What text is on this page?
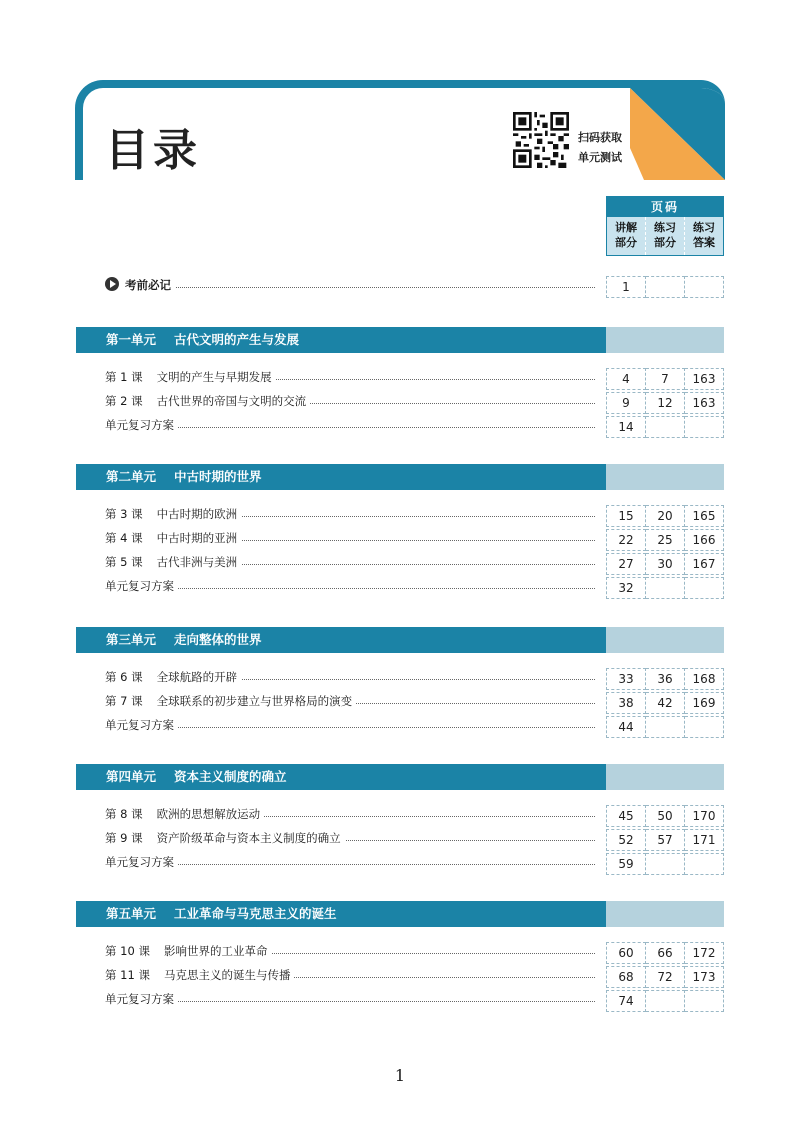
目录	扫码获取
单元测试
页码
讲解
部分
练习
部分
练习
答案
考前必记	1
第一单元 古代文明的产生与发展
第 1 课 文明的产生与早期发展	4	7	163
第 2 课 古代世界的帝国与文明的交流	9	12	163
单元复习方案	14
第二单元 中古时期的世界
第 3 课 中古时期的欧洲	15	20	165
第 4 课 中古时期的亚洲	22	25	166
第 5 课 古代非洲与美洲	27	30	167
单元复习方案	32
第三单元 走向整体的世界
第 6 课 全球航路的开辟	33	36	168
第 7 课 全球联系的初步建立与世界格局的演变	38	42	169
单元复习方案	44
第四单元 资本主义制度的确立
第 8 课 欧洲的思想解放运动	45	50	170
第 9 课 资产阶级革命与资本主义制度的确立	52	57	171
单元复习方案	59
第五单元 工业革命与马克思主义的诞生
第 10 课 影响世界的工业革命	60	66	172
第 11 课 马克思主义的诞生与传播	68	72	173
单元复习方案	74
1
